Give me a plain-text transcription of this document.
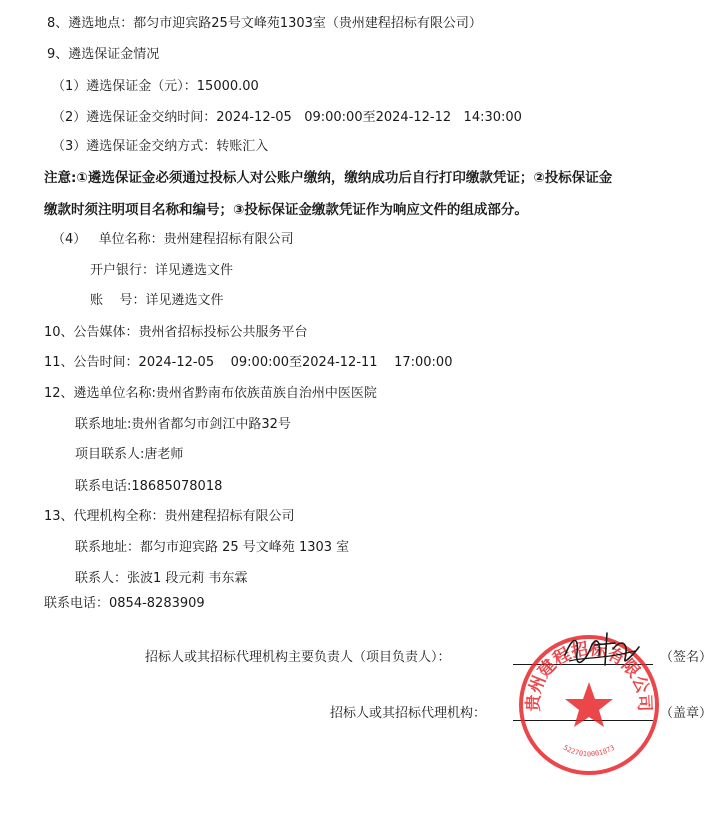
8、遴选地点：都匀市迎宾路25号文峰苑1303室（贵州建程招标有限公司）
9、遴选保证金情况
（1）遴选保证金（元）：15000.00
（2）遴选保证金交纳时间：2024-12-05   09:00:00至2024-12-12   14:30:00
（3）遴选保证金交纳方式：转账汇入
注意:①遴选保证金必须通过投标人对公账户缴纳，缴纳成功后自行打印缴款凭证；②投标保证金
缴款时须注明项目名称和编号；③投标保证金缴款凭证作为响应文件的组成部分。
（4）   单位名称：贵州建程招标有限公司
开户银行：详见遴选文件
账    号：详见遴选文件
10、公告媒体：贵州省招标投标公共服务平台
11、公告时间：2024-12-05    09:00:00至2024-12-11    17:00:00
12、遴选单位名称:贵州省黔南布依族苗族自治州中医医院
联系地址:贵州省都匀市剑江中路32号
项目联系人:唐老师
联系电话:18685078018
13、代理机构全称：贵州建程招标有限公司
联系地址：都匀市迎宾路 25 号文峰苑 1303 室
联系人：张波1 段元莉 韦东霖
联系电话：0854-8283909
招标人或其招标代理机构主要负责人（项目负责人）：	（签名）
招标人或其招标代理机构：	（盖章）
贵州建程招标有限公司
5227010001873
